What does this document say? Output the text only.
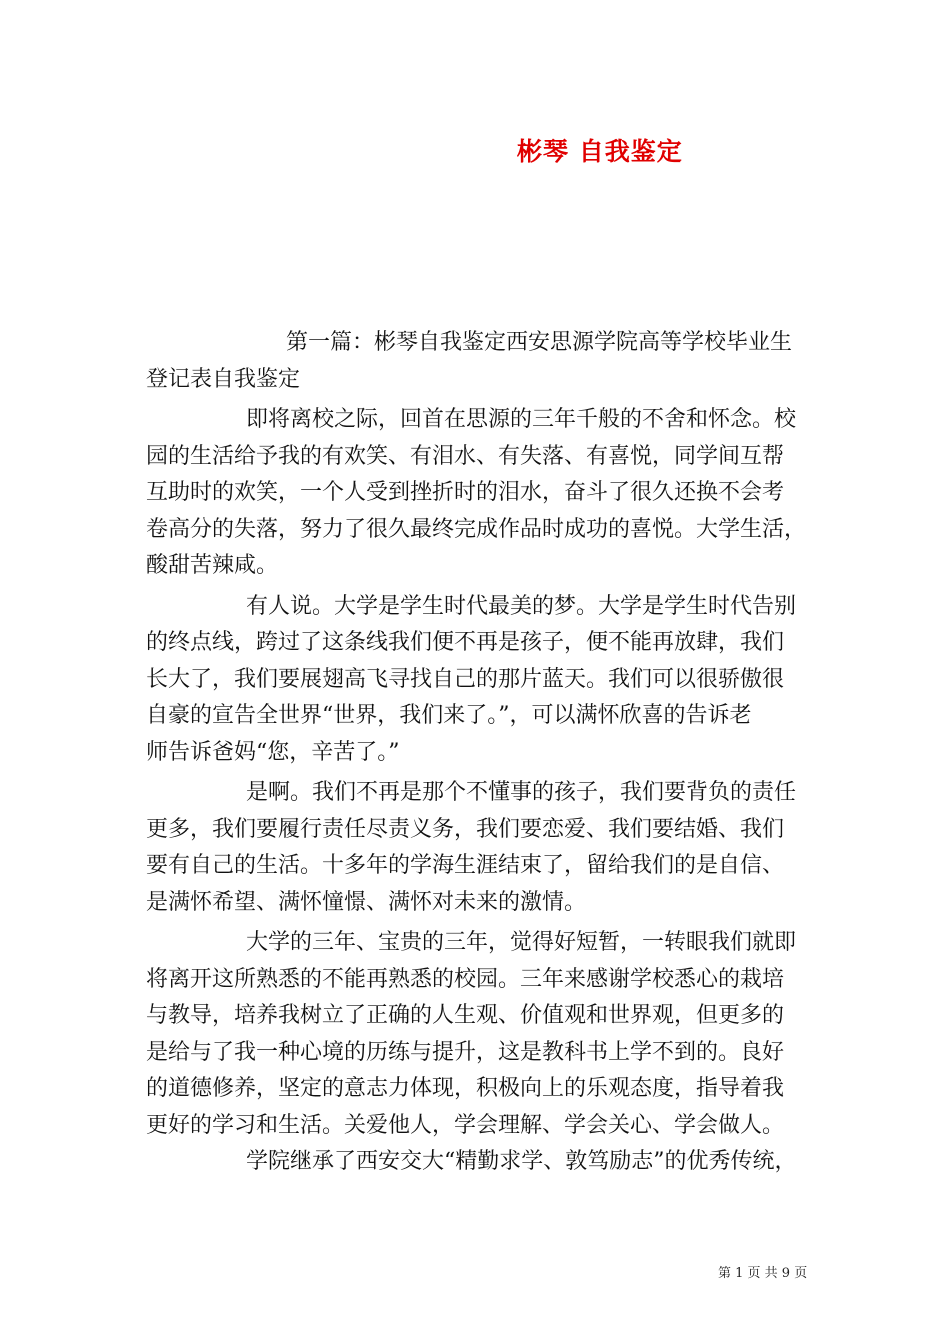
彬琴 自我鉴定

第一篇：彬琴自我鉴定西安思源学院高等学校毕业生
登记表自我鉴定

即将离校之际，回首在思源的三年千般的不舍和怀念。校
园的生活给予我的有欢笑、有泪水、有失落、有喜悦，同学间互帮
互助时的欢笑，一个人受到挫折时的泪水，奋斗了很久还换不会考
卷高分的失落，努力了很久最终完成作品时成功的喜悦。大学生活，
酸甜苦辣咸。

有人说。大学是学生时代最美的梦。大学是学生时代告别
的终点线，跨过了这条线我们便不再是孩子，便不能再放肆，我们
长大了，我们要展翅高飞寻找自己的那片蓝天。我们可以很骄傲很
自豪的宣告全世界“世界，我们来了。”，可以满怀欣喜的告诉老
师告诉爸妈“您，辛苦了。”

是啊。我们不再是那个不懂事的孩子，我们要背负的责任
更多，我们要履行责任尽责义务，我们要恋爱、我们要结婚、我们
要有自己的生活。十多年的学海生涯结束了，留给我们的是自信、
是满怀希望、满怀憧憬、满怀对未来的激情。

大学的三年、宝贵的三年，觉得好短暂，一转眼我们就即
将离开这所熟悉的不能再熟悉的校园。三年来感谢学校悉心的栽培
与教导，培养我树立了正确的人生观、价值观和世界观，但更多的
是给与了我一种心境的历练与提升，这是教科书上学不到的。良好
的道德修养，坚定的意志力体现，积极向上的乐观态度，指导着我
更好的学习和生活。关爱他人，学会理解、学会关心、学会做人。

学院继承了西安交大“精勤求学、敦笃励志”的优秀传统，

第 1 页 共 9 页
